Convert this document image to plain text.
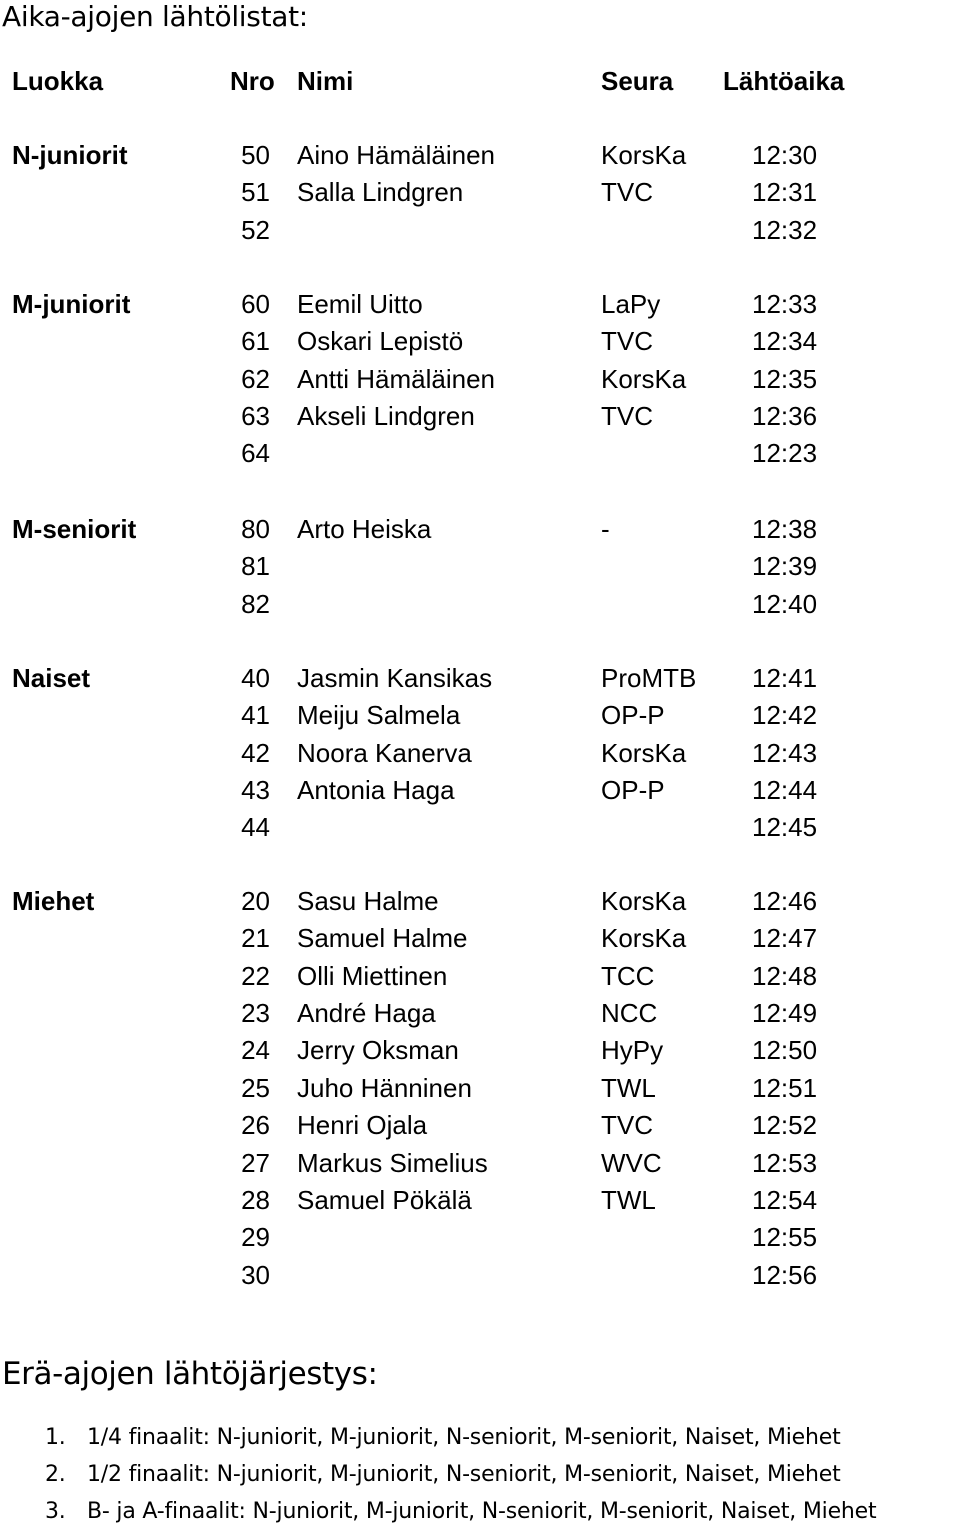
Aika-ajojen lähtölistat:
Luokka	Nro Nimi	Seura Lähtöaika
N-juniorit	50 Aino Hämäläinen	KorsKa	12:30
51 Salla Lindgren	TVC	12:31
52	12:32
M-juniorit	60 Eemil Uitto	LaPy	12:33
61 Oskari Lepistö	TVC	12:34
62 Antti Hämäläinen	KorsKa	12:35
63 Akseli Lindgren	TVC	12:36
64	12:23
M-seniorit	80 Arto Heiska	-	12:38
81	12:39
82	12:40
Naiset	40 Jasmin Kansikas	ProMTB 12:41
41 Meiju Salmela	OP-P	12:42
42 Noora Kanerva	KorsKa	12:43
43 Antonia Haga	OP-P	12:44
44	12:45
Miehet	20 Sasu Halme	KorsKa	12:46
21 Samuel Halme	KorsKa	12:47
22 Olli Miettinen	TCC	12:48
23 André Haga	NCC	12:49
24 Jerry Oksman	HyPy	12:50
25 Juho Hänninen	TWL	12:51
26 Henri Ojala	TVC	12:52
27 Markus Simelius	WVC	12:53
28 Samuel Pökälä	TWL	12:54
29	12:55
30	12:56
Erä-ajojen lähtöjärjestys:
1. 1/4 finaalit: N-juniorit, M-juniorit, N-seniorit, M-seniorit, Naiset, Miehet
2. 1/2 finaalit: N-juniorit, M-juniorit, N-seniorit, M-seniorit, Naiset, Miehet
3. B- ja A-finaalit: N-juniorit, M-juniorit, N-seniorit, M-seniorit, Naiset, Miehet
